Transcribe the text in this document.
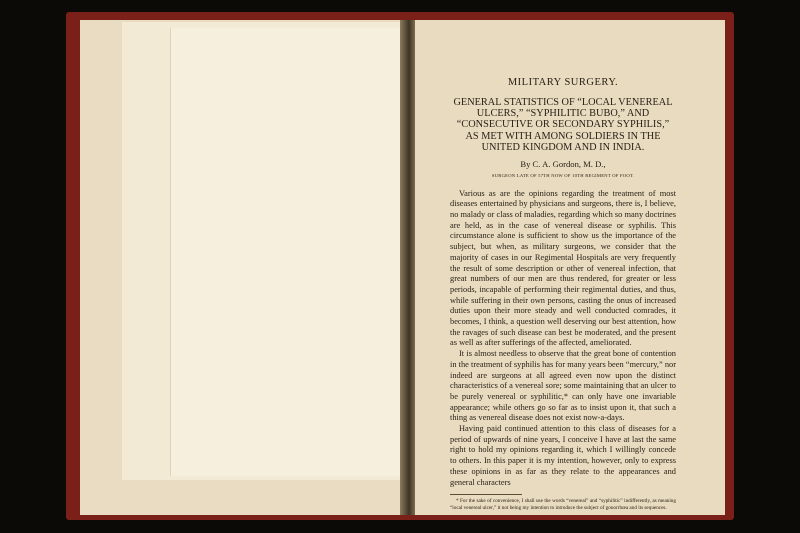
MILITARY SURGERY.

GENERAL STATISTICS OF “LOCAL VENEREAL ULCERS,” “SYPHILITIC BUBO,” AND “CONSECUTIVE OR SECONDARY SYPHILIS,” AS MET WITH AMONG SOLDIERS IN THE UNITED KINGDOM AND IN INDIA.

By C. A. Gordon, M. D.,

SURGEON LATE OF 57TH NOW OF 10TH REGIMENT OF FOOT.

Various as are the opinions regarding the treatment of most diseases entertained by physicians and surgeons, there is, I believe, no malady or class of maladies, regarding which so many doctrines are held, as in the case of venereal disease or syphilis. This circumstance alone is sufficient to show us the importance of the subject, but when, as military surgeons, we consider that the majority of cases in our Regimental Hospitals are very frequently the result of some description or other of venereal infection, that great numbers of our men are thus rendered, for greater or less periods, incapable of performing their regimental duties, and thus, while suffering in their own persons, casting the onus of increased duties upon their more steady and well conducted comrades, it becomes, I think, a question well deserving our best attention, how the ravages of such disease can best be moderated, and the present as well as after sufferings of the affected, ameliorated.

It is almost needless to observe that the great bone of contention in the treatment of syphilis has for many years been “mercury,” nor indeed are surgeons at all agreed even now upon the distinct characteristics of a venereal sore; some maintaining that an ulcer to be purely venereal or syphilitic,* can only have one invariable appearance; while others go so far as to insist upon it, that such a thing as venereal disease does not exist now-a-days.

Having paid continued attention to this class of diseases for a period of upwards of nine years, I conceive I have at last the same right to hold my opinions regarding it, which I willingly concede to others. In this paper it is my intention, however, only to express these opinions in as far as they relate to the appearances and general characters

* For the sake of convenience, I shall use the words “venereal” and “syphilitic” indifferently, as meaning “local venereal ulcer,” it not being my intention to introduce the subject of gonorrhœa and its sequences.
